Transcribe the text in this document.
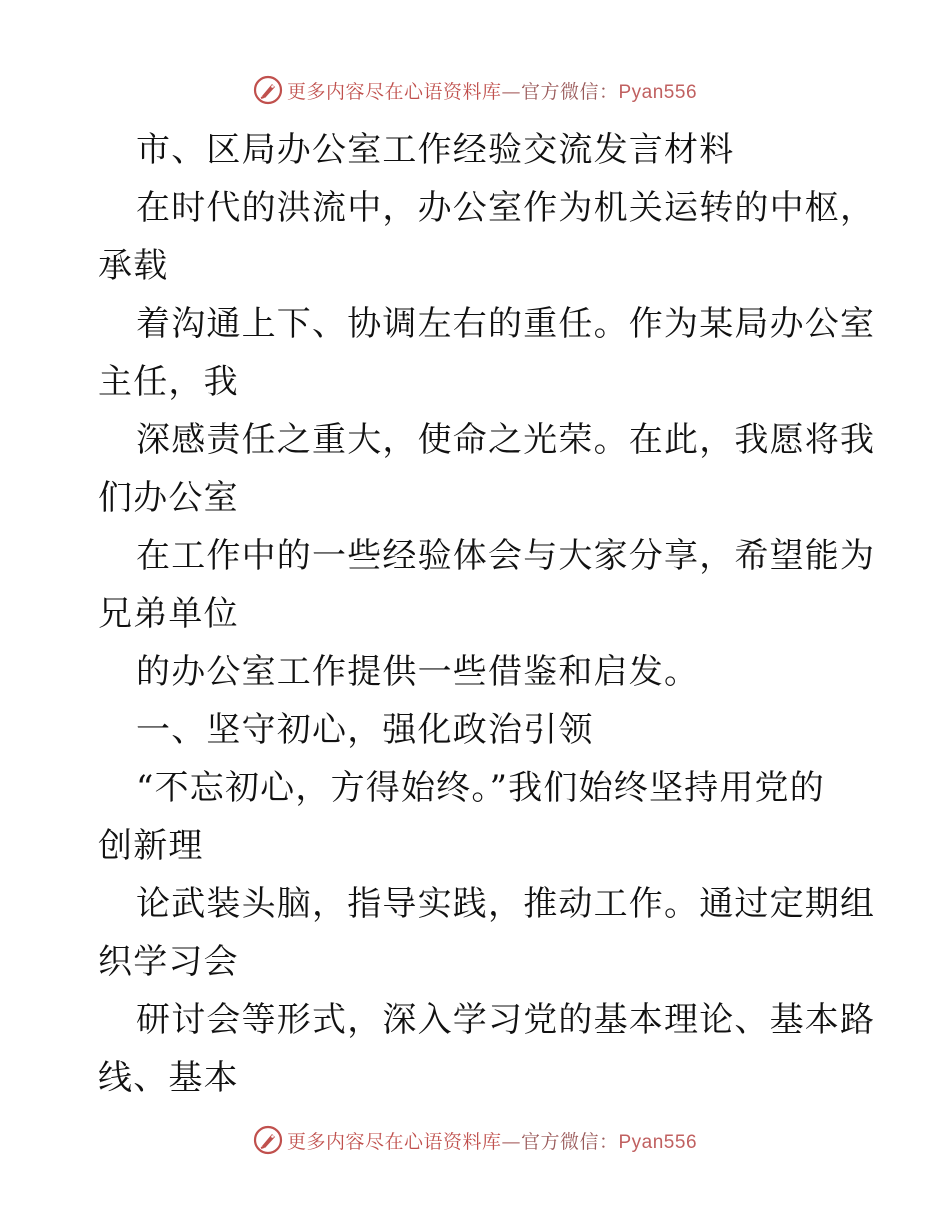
更多内容尽在心语资料库—官方微信：Pyan556
市、区局办公室工作经验交流发言材料
在时代的洪流中，办公室作为机关运转的中枢，
承载
着沟通上下、协调左右的重任。作为某局办公室
主任，我
深感责任之重大，使命之光荣。在此，我愿将我
们办公室
在工作中的一些经验体会与大家分享，希望能为
兄弟单位
的办公室工作提供一些借鉴和启发。
一、坚守初心，强化政治引领
“不忘初心，方得始终。”我们始终坚持用党的
创新理
论武装头脑，指导实践，推动工作。通过定期组
织学习会
研讨会等形式，深入学习党的基本理论、基本路
线、基本
更多内容尽在心语资料库—官方微信：Pyan556
